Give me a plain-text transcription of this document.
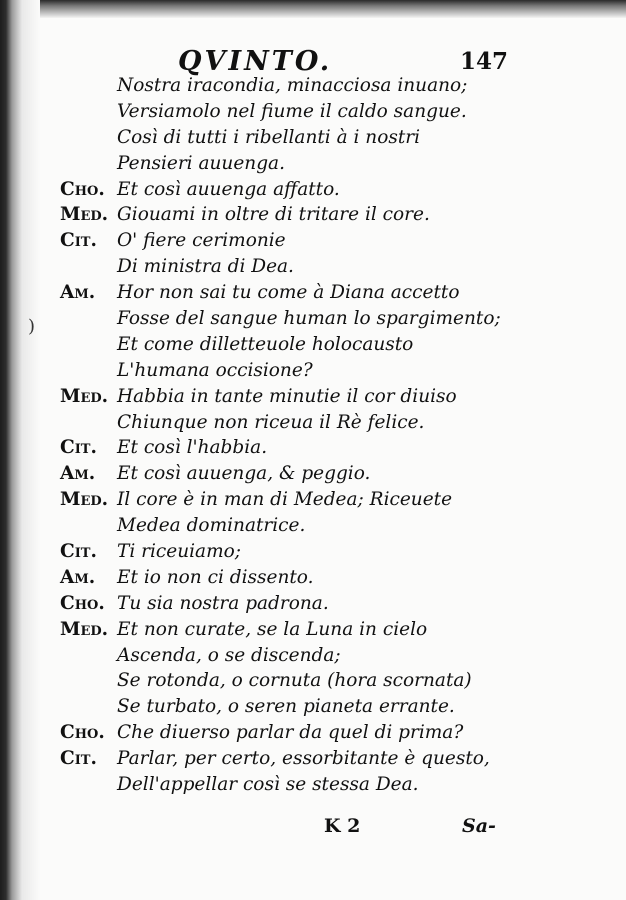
)
QVINTO.	147
Nostra iracondia, minacciosa inuano;
Versiamolo nel fiume il caldo sangue.
Così di tutti i ribellanti à i nostri
Pensieri auuenga.
Cho. Et così auuenga affatto.
Med. Giouami in oltre di tritare il core.
Cit. O' fiere cerimonie
Di ministra di Dea.
Am. Hor non sai tu come à Diana accetto
Fosse del sangue human lo spargimento;
Et come dilletteuole holocausto
L'humana occisione?
Med. Habbia in tante minutie il cor diuiso
Chiunque non riceua il Rè felice.
Cit. Et così l'habbia.
Am. Et così auuenga, & peggio.
Med. Il core è in man di Medea; Riceuete
Medea dominatrice.
Cit. Ti riceuiamo;
Am. Et io non ci dissento.
Cho. Tu sia nostra padrona.
Med. Et non curate, se la Luna in cielo
Ascenda, o se discenda;
Se rotonda, o cornuta (hora scornata)
Se turbato, o seren pianeta errante.
Cho. Che diuerso parlar da quel di prima?
Cit. Parlar, per certo, essorbitante è questo,
Dell'appellar così se stessa Dea.
K 2	Sa-
